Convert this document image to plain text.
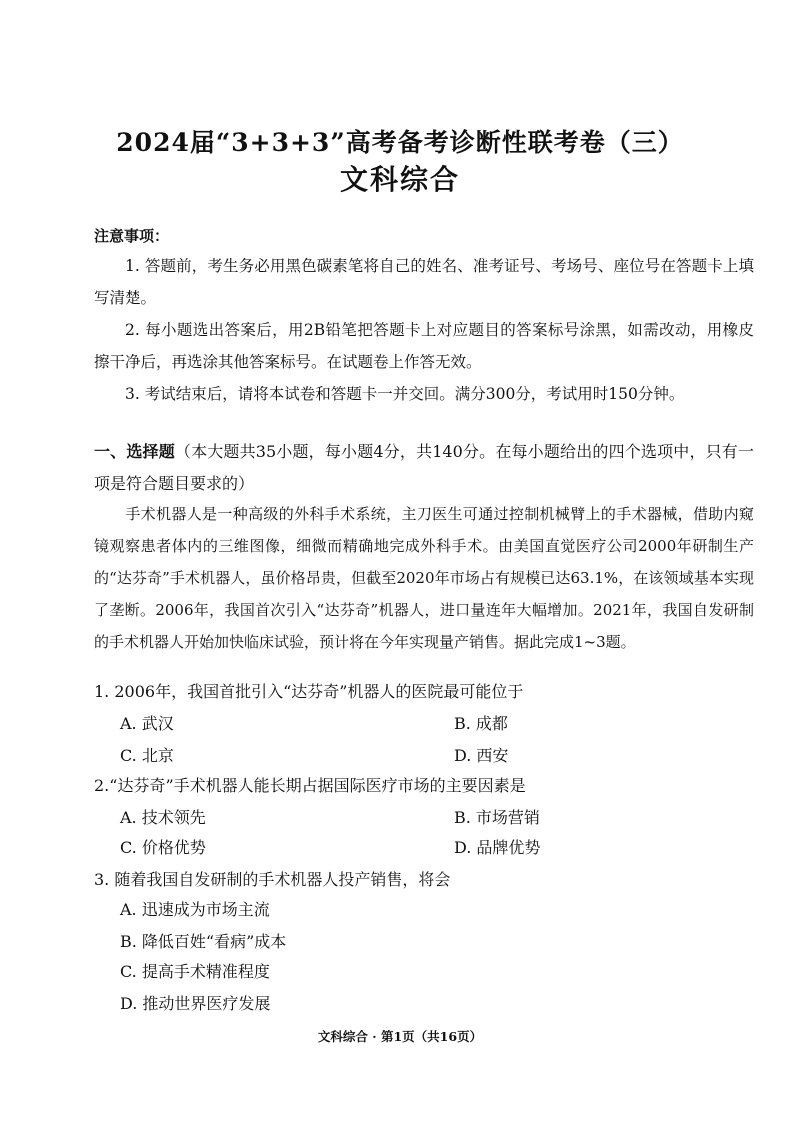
2024届“3+3+3”高考备考诊断性联考卷（三）
文科综合
注意事项：
1. 答题前，考生务必用黑色碳素笔将自己的姓名、准考证号、考场号、座位号在答题卡上填写清楚。
2. 每小题选出答案后，用2B铅笔把答题卡上对应题目的答案标号涂黑，如需改动，用橡皮擦干净后，再选涂其他答案标号。在试题卷上作答无效。
3. 考试结束后，请将本试卷和答题卡一并交回。满分300分，考试用时150分钟。
一、选择题（本大题共35小题，每小题4分，共140分。在每小题给出的四个选项中，只有一项是符合题目要求的）
手术机器人是一种高级的外科手术系统，主刀医生可通过控制机械臂上的手术器械，借助内窥镜观察患者体内的三维图像，细微而精确地完成外科手术。由美国直觉医疗公司2000年研制生产的“达芬奇”手术机器人，虽价格昂贵，但截至2020年市场占有规模已达63.1%，在该领域基本实现了垄断。2006年，我国首次引入“达芬奇”机器人，进口量连年大幅增加。2021年，我国自发研制的手术机器人开始加快临床试验，预计将在今年实现量产销售。据此完成1~3题。
1. 2006年，我国首批引入“达芬奇”机器人的医院最可能位于
A. 武汉	B. 成都
C. 北京	D. 西安
2.“达芬奇”手术机器人能长期占据国际医疗市场的主要因素是
A. 技术领先	B. 市场营销
C. 价格优势	D. 品牌优势
3. 随着我国自发研制的手术机器人投产销售，将会
A. 迅速成为市场主流
B. 降低百姓“看病”成本
C. 提高手术精准程度
D. 推动世界医疗发展
文科综合 · 第1页（共16页）
